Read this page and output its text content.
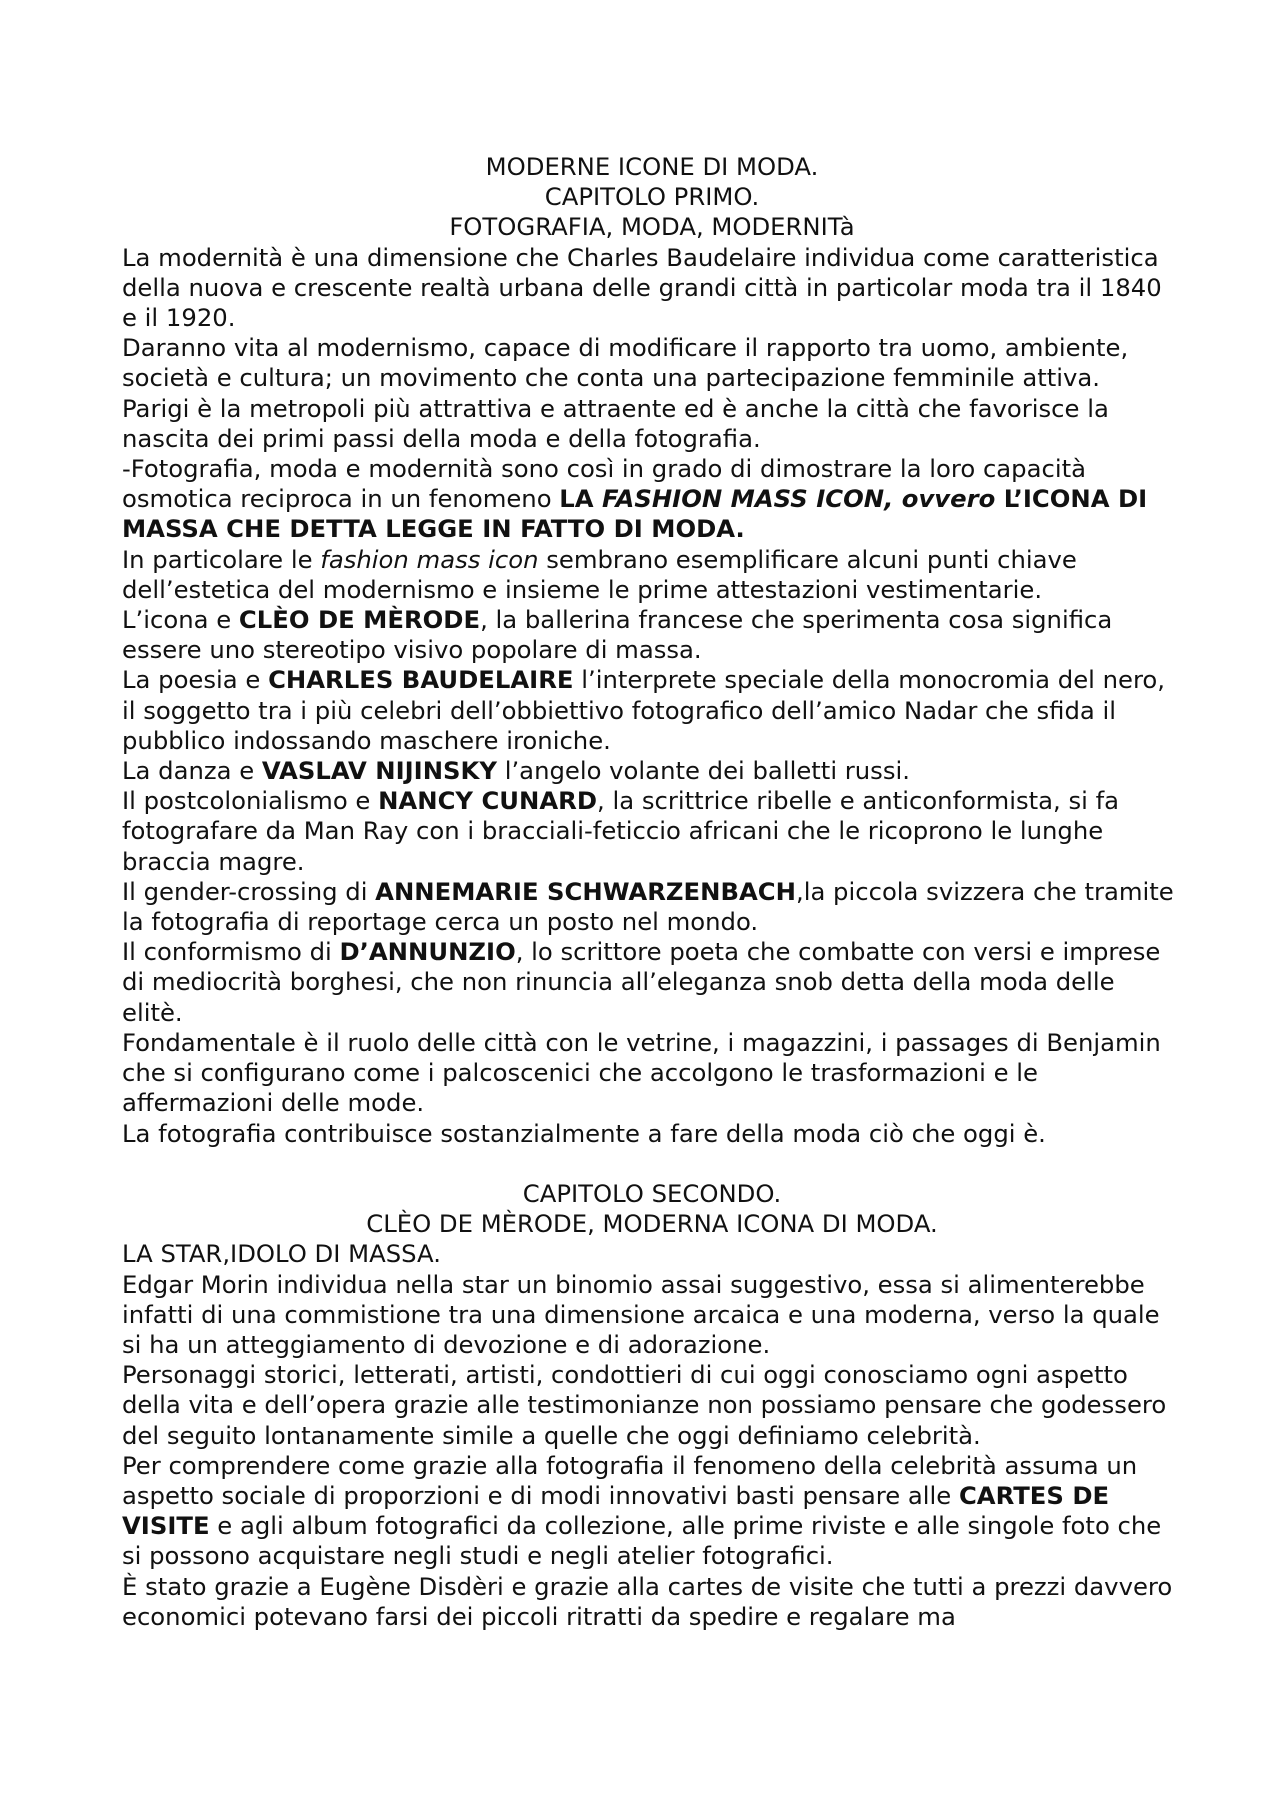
MODERNE ICONE DI MODA.
CAPITOLO PRIMO.
FOTOGRAFIA, MODA, MODERNITà

La modernità è una dimensione che Charles Baudelaire individua come caratteristica della nuova e crescente realtà urbana delle grandi città in particolar moda tra il 1840 e il 1920.

Daranno vita al modernismo, capace di modificare il rapporto tra uomo, ambiente, società e cultura; un movimento che conta una partecipazione femminile attiva.

Parigi è la metropoli più attrattiva e attraente ed è anche la città che favorisce la nascita dei primi passi della moda e della fotografia.

-Fotografia, moda e modernità sono così in grado di dimostrare la loro capacità osmotica reciproca in un fenomeno LA FASHION MASS ICON, ovvero L’ICONA DI MASSA CHE DETTA LEGGE IN FATTO DI MODA.

In particolare le fashion mass icon sembrano esemplificare alcuni punti chiave dell’estetica del modernismo e insieme le prime attestazioni vestimentarie.

L’icona e CLÈO DE MÈRODE, la ballerina francese che sperimenta cosa significa essere uno stereotipo visivo popolare di massa.

La poesia e CHARLES BAUDELAIRE l’interprete speciale della monocromia del nero, il soggetto tra i più celebri dell’obbiettivo fotografico dell’amico Nadar che sfida il pubblico indossando maschere ironiche.

La danza e VASLAV NIJINSKY l’angelo volante dei balletti russi.

Il postcolonialismo e NANCY CUNARD, la scrittrice ribelle e anticonformista, si fa fotografare da Man Ray con i bracciali-feticcio africani che le ricoprono le lunghe braccia magre.

Il gender-crossing di ANNEMARIE SCHWARZENBACH,la piccola svizzera che tramite la fotografia di reportage cerca un posto nel mondo.

Il conformismo di D’ANNUNZIO, lo scrittore poeta che combatte con versi e imprese di mediocrità borghesi, che non rinuncia all’eleganza snob detta della moda delle elitè.

Fondamentale è il ruolo delle città con le vetrine, i magazzini, i passages di Benjamin che si configurano come i palcoscenici che accolgono le trasformazioni e le affermazioni delle mode.

La fotografia contribuisce sostanzialmente a fare della moda ciò che oggi è.

CAPITOLO SECONDO.
CLÈO DE MÈRODE, MODERNA ICONA DI MODA.

LA STAR,IDOLO DI MASSA.

Edgar Morin individua nella star un binomio assai suggestivo, essa si alimenterebbe infatti di una commistione tra una dimensione arcaica e una moderna, verso la quale si ha un atteggiamento di devozione e di adorazione.

Personaggi storici, letterati, artisti, condottieri di cui oggi conosciamo ogni aspetto della vita e dell’opera grazie alle testimonianze non possiamo pensare che godessero del seguito lontanamente simile a quelle che oggi definiamo celebrità.

Per comprendere come grazie alla fotografia il fenomeno della celebrità assuma un aspetto sociale di proporzioni e di modi innovativi basti pensare alle CARTES DE VISITE e agli album fotografici da collezione, alle prime riviste e alle singole foto che si possono acquistare negli studi e negli atelier fotografici.

È stato grazie a Eugène Disdèri e grazie alla cartes de visite che tutti a prezzi davvero economici potevano farsi dei piccoli ritratti da spedire e regalare ma
